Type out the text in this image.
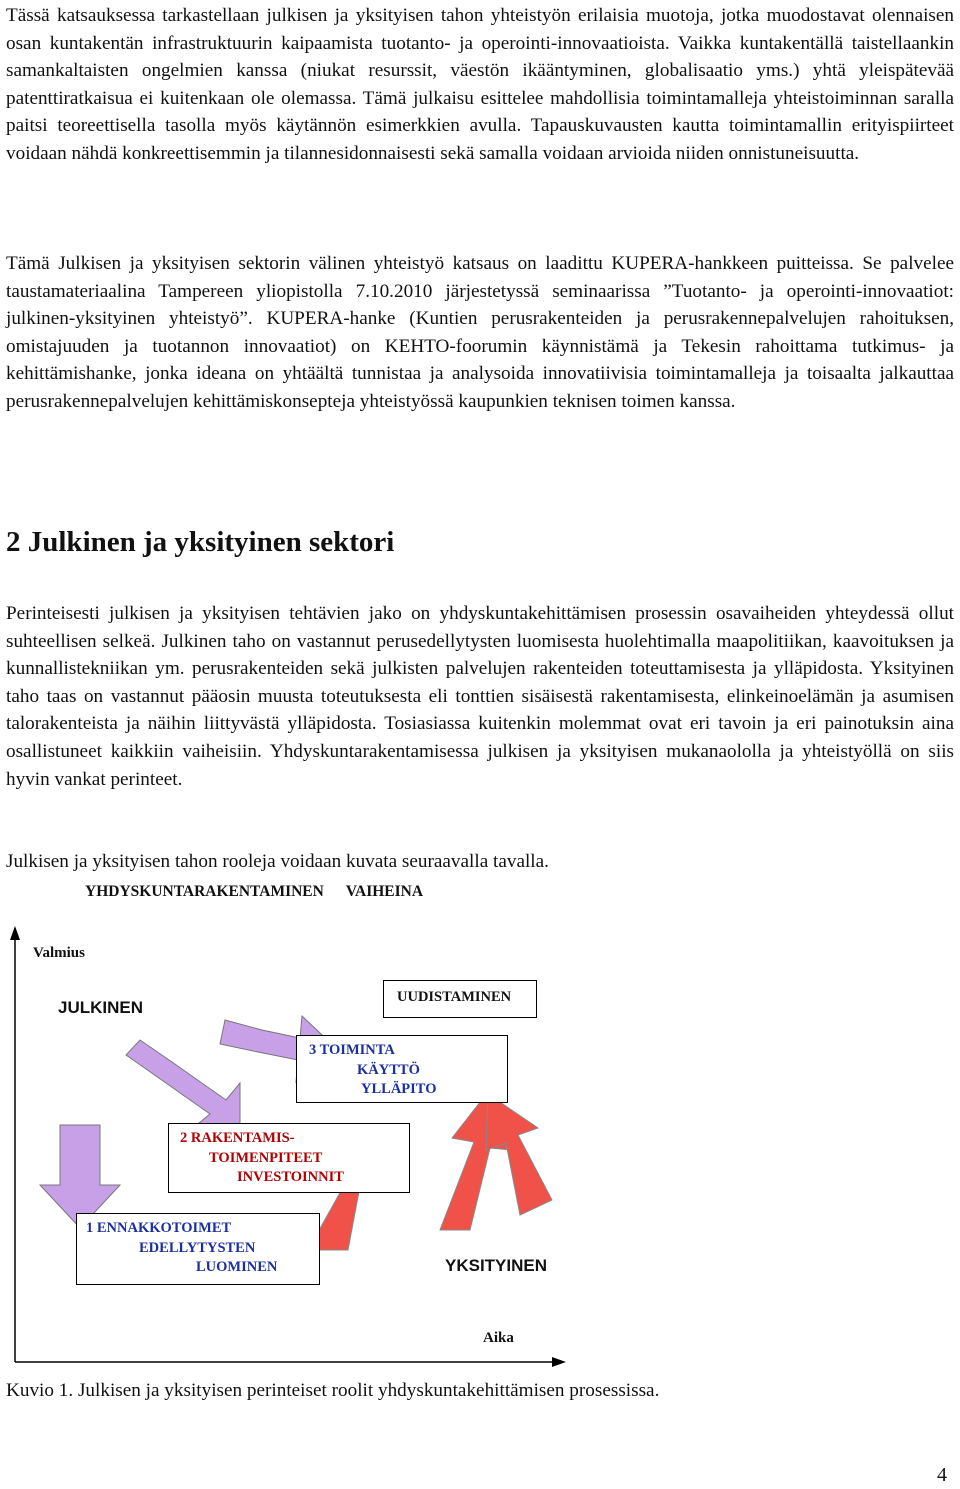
Tässä katsauksessa tarkastellaan julkisen ja yksityisen tahon yhteistyön erilaisia muotoja, jotka muodostavat olennaisen osan kuntakentän infrastruktuurin kaipaamista tuotanto- ja operointi-innovaatioista. Vaikka kuntakentällä taistellaankin samankaltaisten ongelmien kanssa (niukat resurssit, väestön ikääntyminen, globalisaatio yms.) yhtä yleispätevää patenttiratkaisua ei kuitenkaan ole olemassa. Tämä julkaisu esittelee mahdollisia toimintamalleja yhteistoiminnan saralla paitsi teoreettisella tasolla myös käytännön esimerkkien avulla. Tapauskuvausten kautta toimintamallin erityispiirteet voidaan nähdä konkreettisemmin ja tilannesidonnaisesti sekä samalla voidaan arvioida niiden onnistuneisuutta.

Tämä Julkisen ja yksityisen sektorin välinen yhteistyö katsaus on laadittu KUPERA-hankkeen puitteissa. Se palvelee taustamateriaalina Tampereen yliopistolla 7.10.2010 järjestetyssä seminaarissa ”Tuotanto- ja operointi-innovaatiot: julkinen-yksityinen yhteistyö”. KUPERA-hanke (Kuntien perusrakenteiden ja perusrakennepalvelujen rahoituksen, omistajuuden ja tuotannon innovaatiot) on KEHTO-foorumin käynnistämä ja Tekesin rahoittama tutkimus- ja kehittämishanke, jonka ideana on yhtäältä tunnistaa ja analysoida innovatiivisia toimintamalleja ja toisaalta jalkauttaa perusrakennepalvelujen kehittämiskonsepteja yhteistyössä kaupunkien teknisen toimen kanssa.

2 Julkinen ja yksityinen sektori

Perinteisesti julkisen ja yksityisen tehtävien jako on yhdyskuntakehittämisen prosessin osavaiheiden yhteydessä ollut suhteellisen selkeä. Julkinen taho on vastannut perusedellytysten luomisesta huolehtimalla maapolitiikan, kaavoituksen ja kunnallistekniikan ym. perusrakenteiden sekä julkisten palvelujen rakenteiden toteuttamisesta ja ylläpidosta. Yksityinen taho taas on vastannut pääosin muusta toteutuksesta eli tonttien sisäisestä rakentamisesta, elinkeinoelämän ja asumisen talorakenteista ja näihin liittyvästä ylläpidosta. Tosiasiassa kuitenkin molemmat ovat eri tavoin ja eri painotuksin aina osallistuneet kaikkiin vaiheisiin. Yhdyskuntarakentamisessa julkisen ja yksityisen mukanaololla ja yhteistyöllä on siis hyvin vankat perinteet.

Julkisen ja yksityisen tahon rooleja voidaan kuvata seuraavalla tavalla.

YHDYSKUNTARAKENTAMINEN VAIHEINA
Valmius
Aika
JULKINEN
YKSITYINEN
UUDISTAMINEN
3 TOIMINTA
KÄYTTÖ
YLLÄPITO
2 RAKENTAMIS-
TOIMENPITEET
INVESTOINNIT
1 ENNAKKOTOIMET
EDELLYTYSTEN
LUOMINEN
Kuvio 1. Julkisen ja yksityisen perinteiset roolit yhdyskuntakehittämisen prosessissa.
4
